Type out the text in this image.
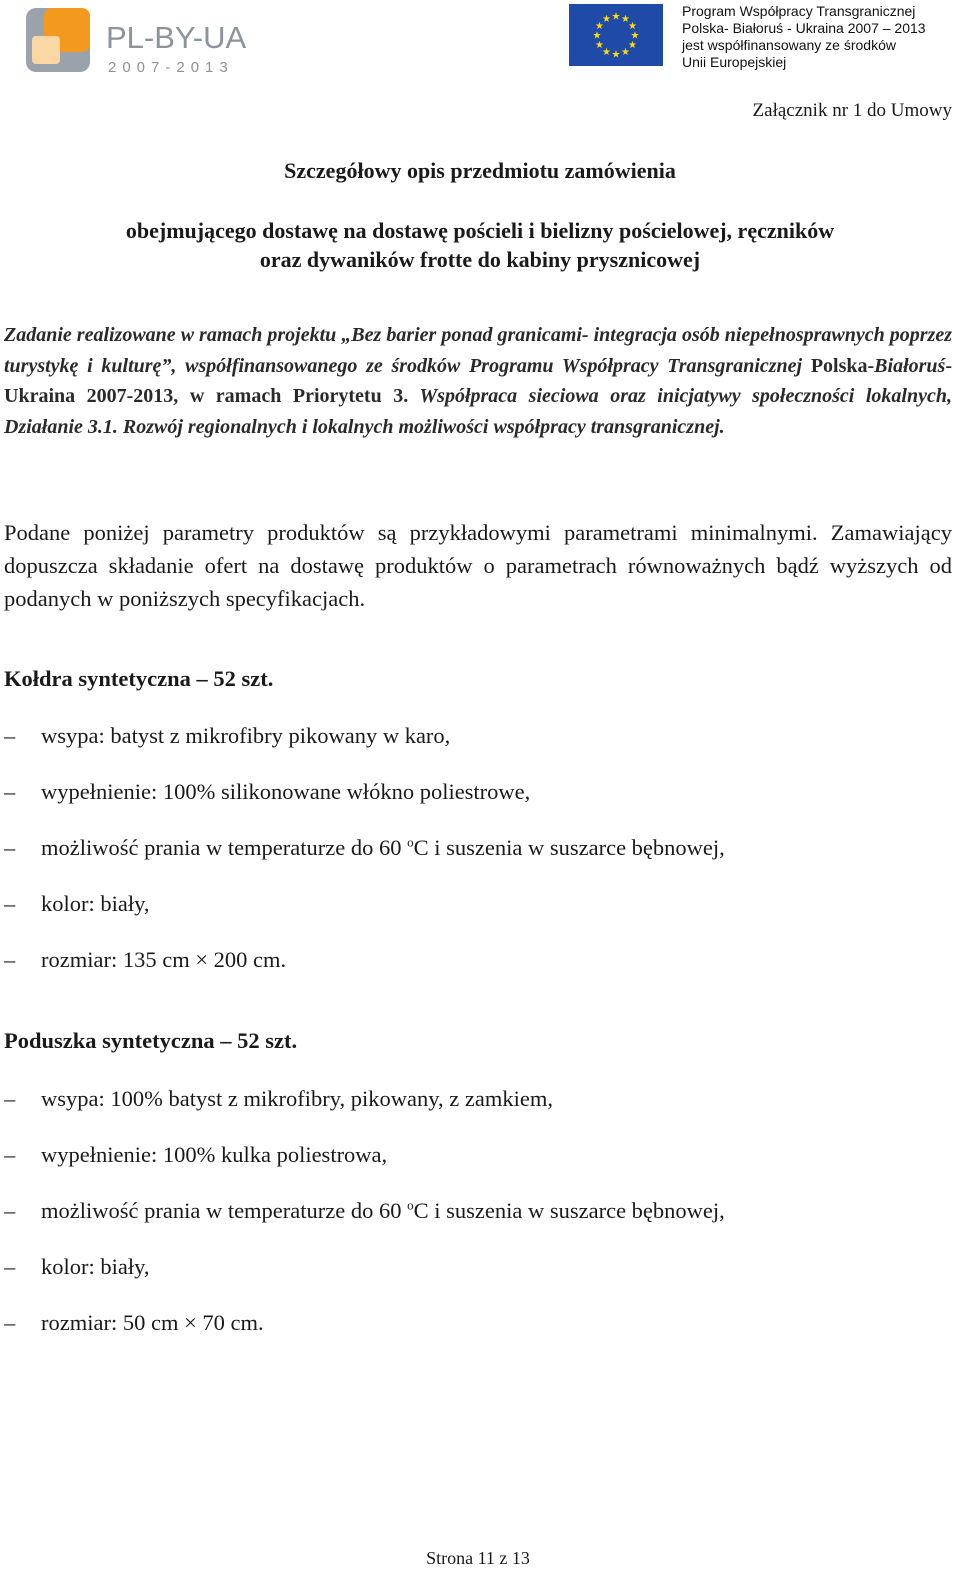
PL-BY-UA
2007-2013
★ ★
★
★
★
★
★
★
★
★
★
★
Program Współpracy Transgranicznej
Polska- Białoruś - Ukraina 2007 – 2013
jest współfinansowany ze środków
Unii Europejskiej
Załącznik nr 1 do Umowy
Szczegółowy opis przedmiotu zamówienia
obejmującego dostawę na dostawę pościeli i bielizny pościelowej, ręczników
oraz dywaników frotte do kabiny prysznicowej
Zadanie realizowane w ramach projektu „Bez barier ponad granicami- integracja osób niepełnosprawnych poprzez turystykę i kulturę”, współfinansowanego ze środków Programu Współpracy Transgranicznej Polska-Białoruś-Ukraina 2007-2013, w ramach Priorytetu 3. Współpraca sieciowa oraz inicjatywy społeczności lokalnych, Działanie 3.1. Rozwój regionalnych i lokalnych możliwości współpracy transgranicznej.
Podane poniżej parametry produktów są przykładowymi parametrami minimalnymi. Zamawiający dopuszcza składanie ofert na dostawę produktów o parametrach równoważnych bądź wyższych od podanych w poniższych specyfikacjach.
Kołdra syntetyczna – 52 szt.
– wsypa: batyst z mikrofibry pikowany w karo,
– wypełnienie: 100% silikonowane włókno poliestrowe,
– możliwość prania w temperaturze do 60 $^o$C i suszenia w suszarce bębnowej,
– kolor: biały,
– rozmiar: 135 cm × 200 cm.
Poduszka syntetyczna – 52 szt.
– wsypa: 100% batyst z mikrofibry, pikowany, z zamkiem,
– wypełnienie: 100% kulka poliestrowa,
– możliwość prania w temperaturze do 60 $^o$C i suszenia w suszarce bębnowej,
– kolor: biały,
– rozmiar: 50 cm × 70 cm.
Strona 11 z 13
